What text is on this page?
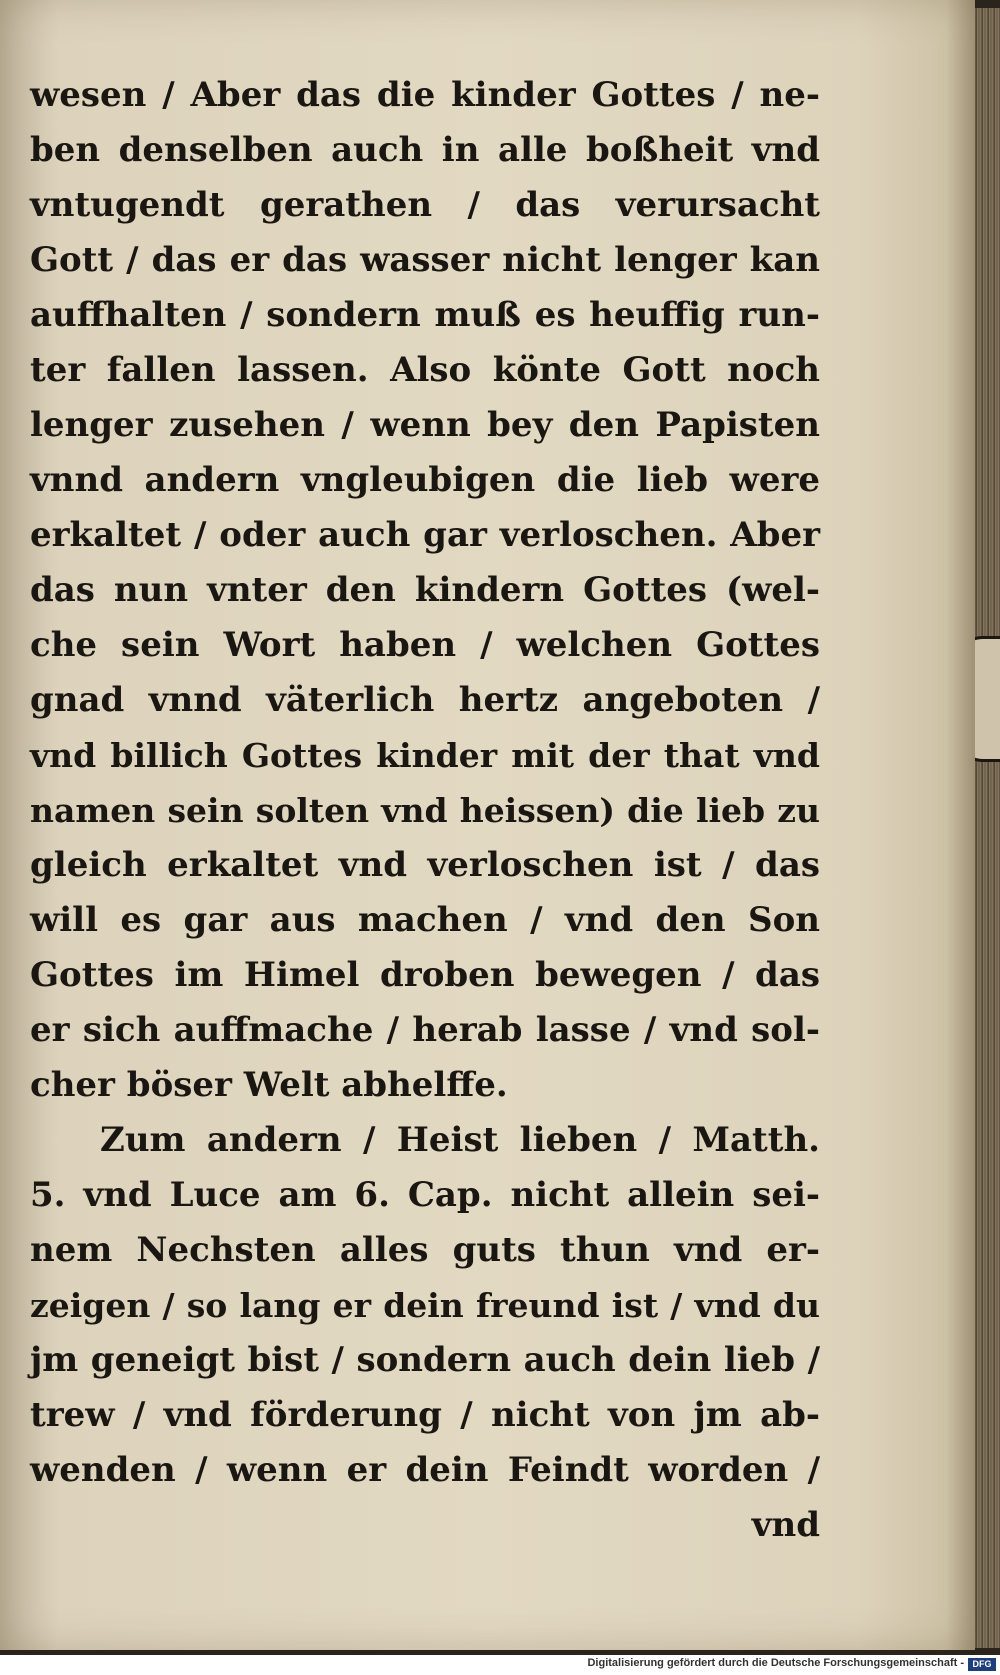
wesen / Aber das die kinder Gottes / ne-
ben denselben auch in alle boßheit vnd
vntugendt gerathen / das verursacht
Gott / das er das wasser nicht lenger kan
auffhalten / sondern muß es heuffig run-
ter fallen lassen. Also könte Gott noch
lenger zusehen / wenn bey den Papisten
vnnd andern vngleubigen die lieb were
erkaltet / oder auch gar verloschen. Aber
das nun vnter den kindern Gottes (wel-
che sein Wort haben / welchen Gottes
gnad vnnd väterlich hertz angeboten /
vnd billich Gottes kinder mit der that vnd
namen sein solten vnd heissen) die lieb zu
gleich erkaltet vnd verloschen ist / das
will es gar aus machen / vnd den Son
Gottes im Himel droben bewegen / das
er sich auffmache / herab lasse / vnd sol-
cher böser Welt abhelffe.
Zum andern / Heist lieben / Matth.
5. vnd Luce am 6. Cap. nicht allein sei-
nem Nechsten alles guts thun vnd er-
zeigen / so lang er dein freund ist / vnd du
jm geneigt bist / sondern auch dein lieb /
trew / vnd förderung / nicht von jm ab-
wenden / wenn er dein Feindt worden /
vnd
Digitalisierung gefördert durch die Deutsche Forschungsgemeinschaft - DFG
